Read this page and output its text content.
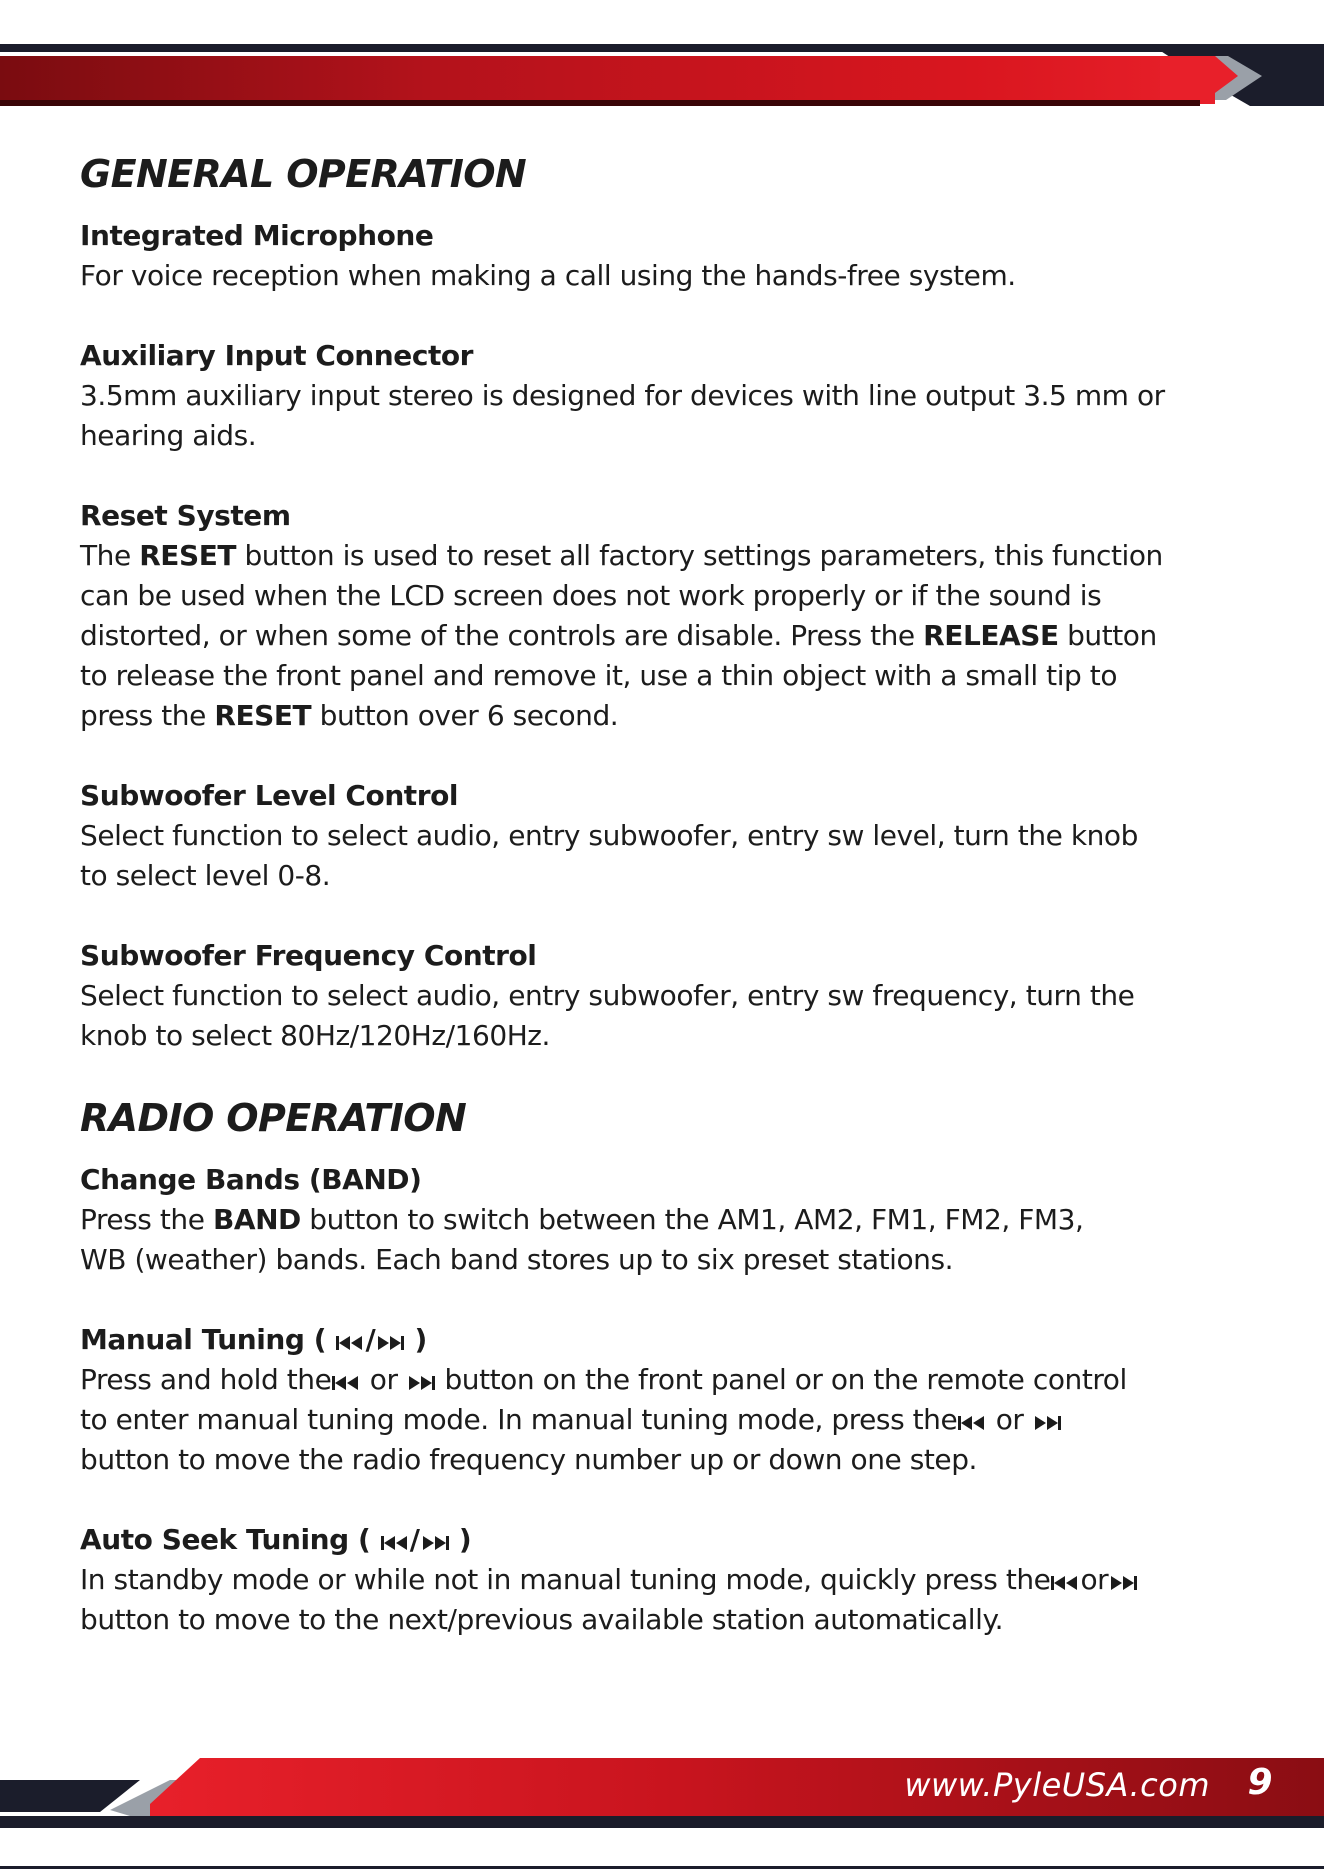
GENERAL OPERATION
Integrated Microphone

For voice reception when making a call using the hands-free system.

Auxiliary Input Connector

3.5mm auxiliary input stereo is designed for devices with line output 3.5 mm or
hearing aids.

Reset System

The RESET button is used to reset all factory settings parameters, this function
can be used when the LCD screen does not work properly or if the sound is
distorted, or when some of the controls are disable. Press the RELEASE button
to release the front panel and remove it, use a thin object with a small tip to
press the RESET button over 6 second.

Subwoofer Level Control

Select function to select audio, entry subwoofer, entry sw level, turn the knob
to select level 0-8.

Subwoofer Frequency Control

Select function to select audio, entry subwoofer, entry sw frequency, turn the
knob to select 80Hz/120Hz/160Hz.

RADIO OPERATION
Change Bands (BAND)

Press the BAND button to switch between the AM1, AM2, FM1, FM2, FM3,
WB (weather) bands. Each band stores up to six preset stations.

Manual Tuning ( / )

Press and hold the
or
button on the front panel or on the remote control
to enter manual tuning mode. In manual tuning mode, press the
or

button to move the radio frequency number up or down one step.

Auto Seek Tuning ( / )

In standby mode or while not in manual tuning mode, quickly press the or

button to move to the next/previous available station automatically.

www.PyleUSA.com 9
